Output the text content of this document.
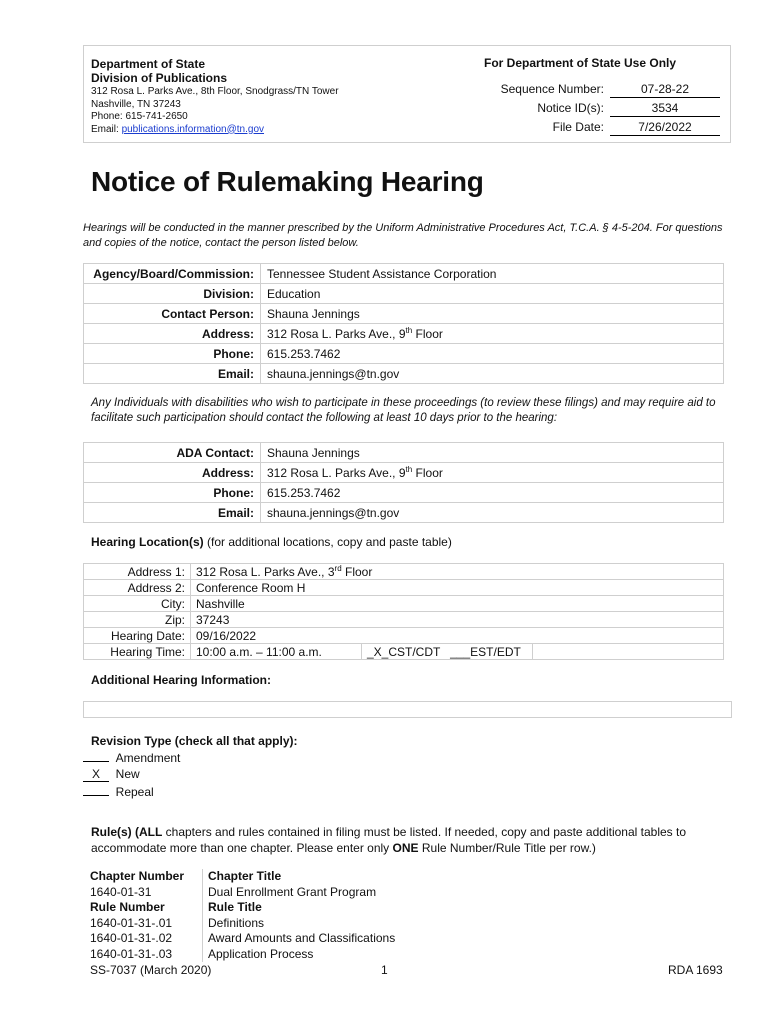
Department of State
Division of Publications
312 Rosa L. Parks Ave., 8th Floor, Snodgrass/TN Tower
Nashville, TN 37243
Phone: 615-741-2650
Email: publications.information@tn.gov
For Department of State Use Only
Sequence Number:	07-28-22
Notice ID(s):	3534
File Date:	7/26/2022
Notice of Rulemaking Hearing
Hearings will be conducted in the manner prescribed by the Uniform Administrative Procedures Act, T.C.A. § 4-5-204. For questions and copies of the notice, contact the person listed below.
Agency/Board/Commission:	Tennessee Student Assistance Corporation
Division:	Education
Contact Person:	Shauna Jennings
Address:	312 Rosa L. Parks Ave., 9th Floor
Phone:	615.253.7462
Email:	shauna.jennings@tn.gov
Any Individuals with disabilities who wish to participate in these proceedings (to review these filings) and may require aid to facilitate such participation should contact the following at least 10 days prior to the hearing:
ADA Contact:	Shauna Jennings
Address:	312 Rosa L. Parks Ave., 9th Floor
Phone:	615.253.7462
Email:	shauna.jennings@tn.gov
Hearing Location(s) (for additional locations, copy and paste table)
Address 1:	312 Rosa L. Parks Ave., 3rd Floor		
Address 2:	Conference Room H		
City:	Nashville		
Zip:	37243		
Hearing Date:	09/16/2022		
Hearing Time:	10:00 a.m. – 11:00 a.m.	_X_CST/CDT   ___EST/EDT	
Additional Hearing Information:
Revision Type (check all that apply):
Amendment
X New
Repeal
Rule(s) (ALL chapters and rules contained in filing must be listed. If needed, copy and paste additional tables to accommodate more than one chapter. Please enter only ONE Rule Number/Rule Title per row.)
Chapter Number	Chapter Title
1640-01-31	Dual Enrollment Grant Program
Rule Number	Rule Title
1640-01-31-.01	Definitions
1640-01-31-.02	Award Amounts and Classifications
1640-01-31-.03	Application Process
SS-7037 (March 2020)	1	RDA 1693
